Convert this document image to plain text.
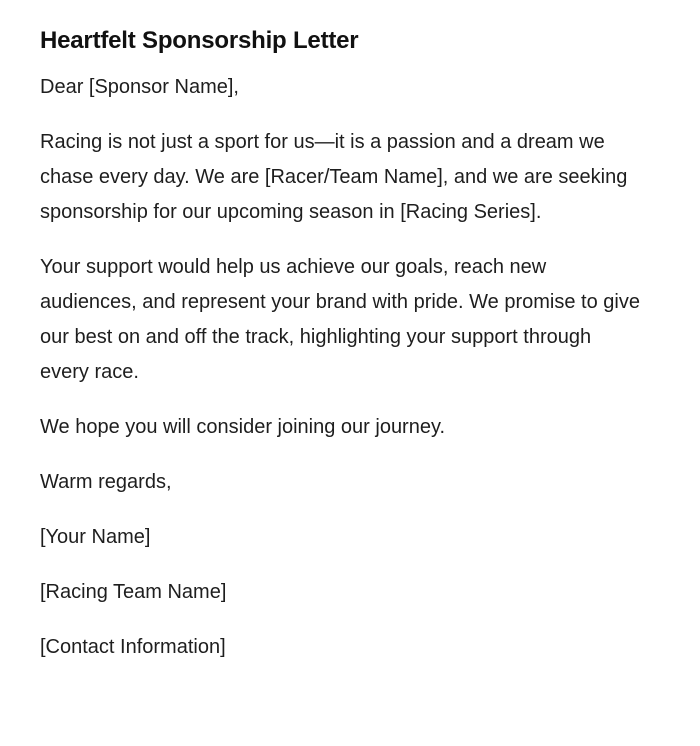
Heartfelt Sponsorship Letter

Dear [Sponsor Name],

Racing is not just a sport for us—it is a passion and a dream we chase every day. We are [Racer/Team Name], and we are seeking sponsorship for our upcoming season in [Racing Series].

Your support would help us achieve our goals, reach new audiences, and represent your brand with pride. We promise to give our best on and off the track, highlighting your support through every race.

We hope you will consider joining our journey.

Warm regards,

[Your Name]

[Racing Team Name]

[Contact Information]
